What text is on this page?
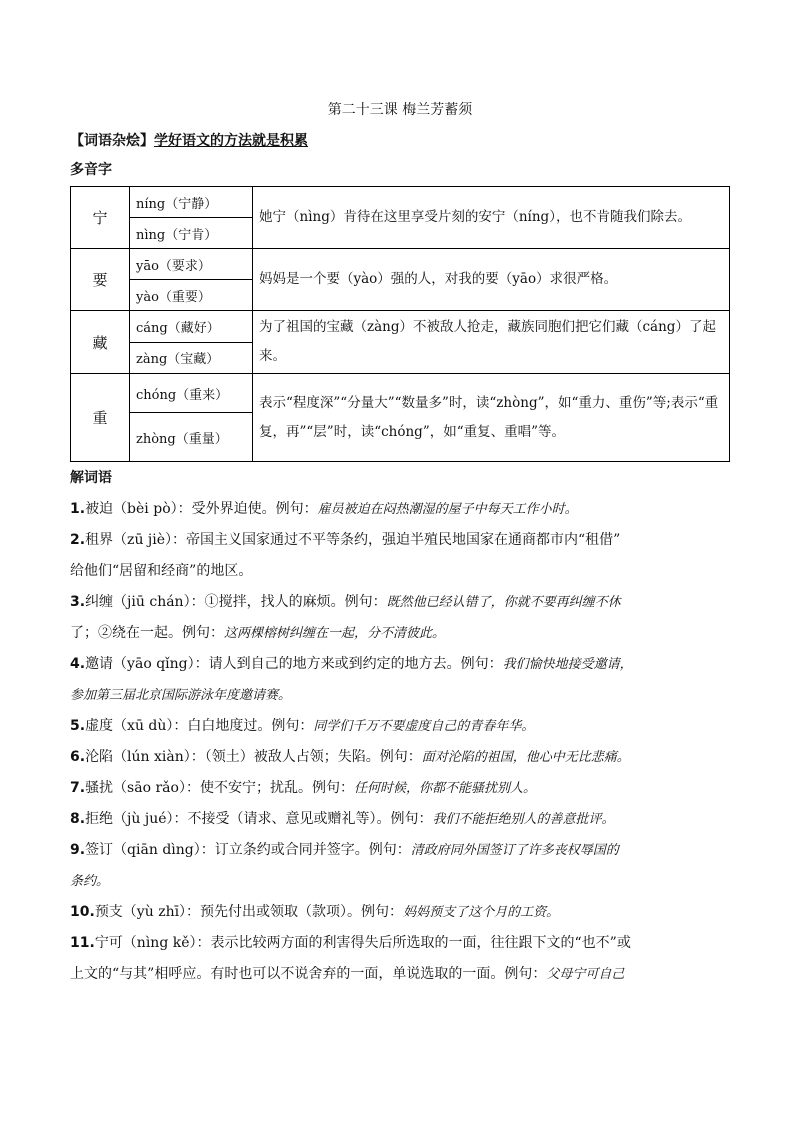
第二十三课 梅兰芳蓄须
【词语杂烩】学好语文的方法就是积累
多音字
宁	níng（宁静）	她宁（nìng）肯待在这里享受片刻的安宁（níng），也不肯随我们除去。
	nìng（宁肯）	
要	yāo（要求）	妈妈是一个要（yào）强的人，对我的要（yāo）求很严格。
	yào（重要）	
藏	cáng（藏好）	为了祖国的宝藏（zàng）不被敌人抢走，藏族同胞们把它们藏（cáng）了起来。
	zàng（宝藏）	
重	chóng（重来）	表示“程度深”“分量大”“数量多”时，读“zhòng”，如“重力、重伤”等;表示“重复，再”“层”时，读“chóng”，如“重复、重唱”等。
	zhòng（重量）	
解词语
1.被迫（bèi pò）：受外界迫使。例句：雇员被迫在闷热潮湿的屋子中每天工作小时。
2.租界（zū jiè）：帝国主义国家通过不平等条约，强迫半殖民地国家在通商都市内“租借”
给他们“居留和经商”的地区。
3.纠缠（jiū chán）：①搅拌，找人的麻烦。例句：既然他已经认错了，你就不要再纠缠不休
了；②绕在一起。例句：这两棵榕树纠缠在一起，分不清彼此。
4.邀请（yāo qǐng）：请人到自己的地方来或到约定的地方去。例句：我们愉快地接受邀请，
参加第三届北京国际游泳年度邀请赛。
5.虚度（xū dù）：白白地度过。例句：同学们千万不要虚度自己的青春年华。
6.沦陷（lún xiàn）：（领土）被敌人占领；失陷。例句：面对沦陷的祖国，他心中无比悲痛。
7.骚扰（sāo rǎo）：使不安宁；扰乱。例句：任何时候，你都不能骚扰别人。
8.拒绝（jù jué）：不接受（请求、意见或赠礼等）。例句：我们不能拒绝别人的善意批评。
9.签订（qiān dìng）：订立条约或合同并签字。例句：清政府同外国签订了许多丧权辱国的
条约。
10.预支（yù zhī）：预先付出或领取（款项）。例句：妈妈预支了这个月的工资。
11.宁可（nìng kě）：表示比较两方面的利害得失后所选取的一面，往往跟下文的“也不”或
上文的“与其”相呼应。有时也可以不说舍弃的一面，单说选取的一面。例句：父母宁可自己
